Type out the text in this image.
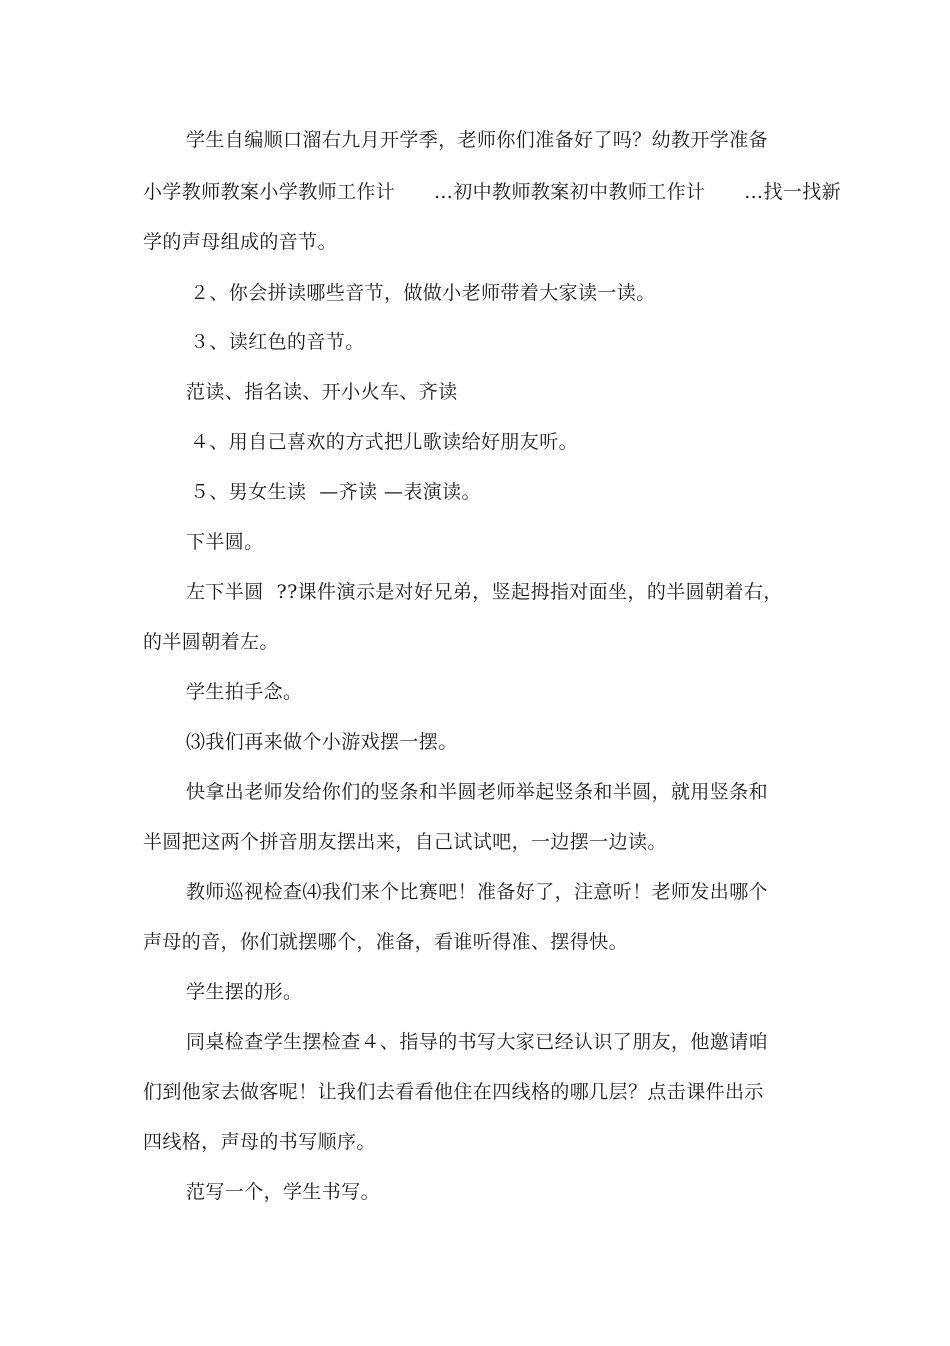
学生自编顺口溜右九月开学季，老师你们准备好了吗？幼教开学准备
小学教师教案小学教师工作计      …初中教师教案初中教师工作计      …找一找新
学的声母组成的音节。
２、你会拼读哪些音节，做做小老师带着大家读一读。
３、读红色的音节。
范读、指名读、开小火车、齐读
４、用自己喜欢的方式把儿歌读给好朋友听。
５、男女生读  —齐读 —表演读。
下半圆。
左下半圆  ??课件演示是对好兄弟，竖起拇指对面坐，的半圆朝着右，
的半圆朝着左。
学生拍手念。
⑶我们再来做个小游戏摆一摆。
快拿出老师发给你们的竖条和半圆老师举起竖条和半圆，就用竖条和
半圆把这两个拼音朋友摆出来，自己试试吧，一边摆一边读。
教师巡视检查⑷我们来个比赛吧！准备好了，注意听！老师发出哪个
声母的音，你们就摆哪个，准备，看谁听得准、摆得快。
学生摆的形。
同桌检查学生摆检查４、指导的书写大家已经认识了朋友，他邀请咱
们到他家去做客呢！让我们去看看他住在四线格的哪几层？点击课件出示
四线格，声母的书写顺序。
范写一个，学生书写。
